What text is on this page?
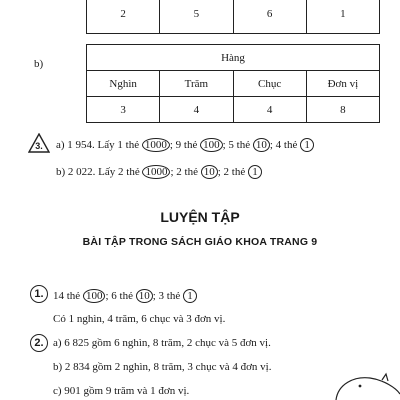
2	5	6	1
b)
Hàng			
Nghìn	Trăm	Chục	Đơn vị
3	4	4	8
3. a) 1 954. Lấy 1 thẻ 1000 ; 9 thẻ 100 ; 5 thẻ 10 ; 4 thẻ 1
b) 2 022. Lấy 2 thẻ 1000 ; 2 thẻ 10 ; 2 thẻ 1
LUYỆN TẬP
BÀI TẬP TRONG SÁCH GIÁO KHOA TRANG 9
1. 14 thẻ 100 ; 6 thẻ 10 ; 3 thẻ 1
Có 1 nghìn, 4 trăm, 6 chục và 3 đơn vị.
2. a) 6 825 gồm 6 nghìn, 8 trăm, 2 chục và 5 đơn vị.
b) 2 834 gồm 2 nghìn, 8 trăm, 3 chục và 4 đơn vị.
c) 901 gồm 9 trăm và 1 đơn vị.
